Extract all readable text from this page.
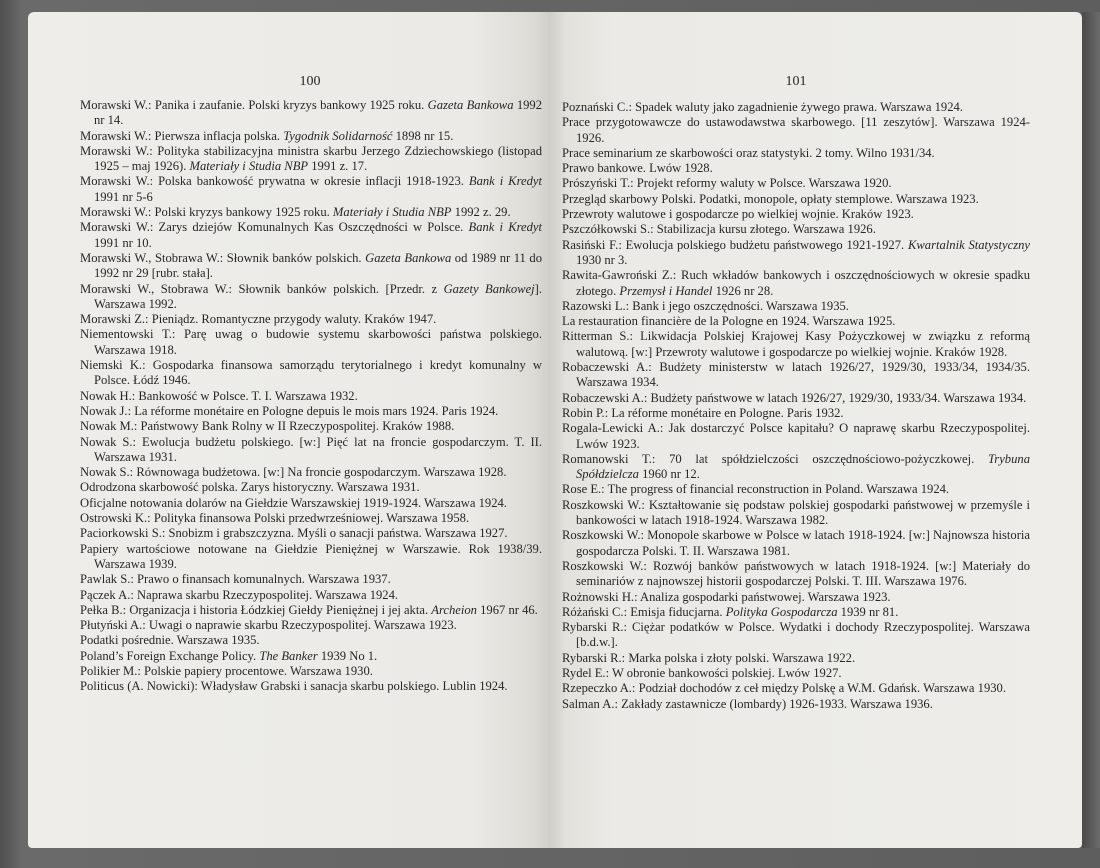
100
Morawski W.: Panika i zaufanie. Polski kryzys bankowy 1925 roku. Gazeta Bankowa 1992 nr 14.
Morawski W.: Pierwsza inflacja polska. Tygodnik Solidarność 1898 nr 15.
Morawski W.: Polityka stabilizacyjna ministra skarbu Jerzego Zdziechowskiego (listopad 1925 – maj 1926). Materiały i Studia NBP 1991 z. 17.
Morawski W.: Polska bankowość prywatna w okresie inflacji 1918-1923. Bank i Kredyt 1991 nr 5-6
Morawski W.: Polski kryzys bankowy 1925 roku. Materiały i Studia NBP 1992 z. 29.
Morawski W.: Zarys dziejów Komunalnych Kas Oszczędności w Polsce. Bank i Kredyt 1991 nr 10.
Morawski W., Stobrawa W.: Słownik banków polskich. Gazeta Bankowa od 1989 nr 11 do 1992 nr 29 [rubr. stała].
Morawski W., Stobrawa W.: Słownik banków polskich. [Przedr. z Gazety Bankowej]. Warszawa 1992.
Morawski Z.: Pieniądz. Romantyczne przygody waluty. Kraków 1947.
Niementowski T.: Parę uwag o budowie systemu skarbowości państwa polskiego. Warszawa 1918.
Niemski K.: Gospodarka finansowa samorządu terytorialnego i kredyt komunalny w Polsce. Łódź 1946.
Nowak H.: Bankowość w Polsce. T. I. Warszawa 1932.
Nowak J.: La réforme monétaire en Pologne depuis le mois mars 1924. Paris 1924.
Nowak M.: Państwowy Bank Rolny w II Rzeczypospolitej. Kraków 1988.
Nowak S.: Ewolucja budżetu polskiego. [w:] Pięć lat na froncie gospodarczym. T. II. Warszawa 1931.
Nowak S.: Równowaga budżetowa. [w:] Na froncie gospodarczym. Warszawa 1928.
Odrodzona skarbowość polska. Zarys historyczny. Warszawa 1931.
Oficjalne notowania dolarów na Giełdzie Warszawskiej 1919-1924. Warszawa 1924.
Ostrowski K.: Polityka finansowa Polski przedwrześniowej. Warszawa 1958.
Paciorkowski S.: Snobizm i grabszczyzna. Myśli o sanacji państwa. Warszawa 1927.
Papiery wartościowe notowane na Giełdzie Pieniężnej w Warszawie. Rok 1938/39. Warszawa 1939.
Pawlak S.: Prawo o finansach komunalnych. Warszawa 1937.
Pączek A.: Naprawa skarbu Rzeczypospolitej. Warszawa 1924.
Pełka B.: Organizacja i historia Łódzkiej Giełdy Pieniężnej i jej akta. Archeion 1967 nr 46.
Płutyński A.: Uwagi o naprawie skarbu Rzeczypospolitej. Warszawa 1923.
Podatki pośrednie. Warszawa 1935.
Poland’s Foreign Exchange Policy. The Banker 1939 No 1.
Polikier M.: Polskie papiery procentowe. Warszawa 1930.
Politicus (A. Nowicki): Władysław Grabski i sanacja skarbu polskiego. Lublin 1924.
101
Poznański C.: Spadek waluty jako zagadnienie żywego prawa. Warszawa 1924.
Prace przygotowawcze do ustawodawstwa skarbowego. [11 zeszytów]. Warszawa 1924-1926.
Prace seminarium ze skarbowości oraz statystyki. 2 tomy. Wilno 1931/34.
Prawo bankowe. Lwów 1928.
Prószyński T.: Projekt reformy waluty w Polsce. Warszawa 1920.
Przegląd skarbowy Polski. Podatki, monopole, opłaty stemplowe. Warszawa 1923.
Przewroty walutowe i gospodarcze po wielkiej wojnie. Kraków 1923.
Pszczółkowski S.: Stabilizacja kursu złotego. Warszawa 1926.
Rasiński F.: Ewolucja polskiego budżetu państwowego 1921-1927. Kwartalnik Statystyczny 1930 nr 3.
Rawita-Gawroński Z.: Ruch wkładów bankowych i oszczędnościowych w okresie spadku złotego. Przemysł i Handel 1926 nr 28.
Razowski L.: Bank i jego oszczędności. Warszawa 1935.
La restauration financière de la Pologne en 1924. Warszawa 1925.
Ritterman S.: Likwidacja Polskiej Krajowej Kasy Pożyczkowej w związku z reformą walutową. [w:] Przewroty walutowe i gospodarcze po wielkiej wojnie. Kraków 1928.
Robaczewski A.: Budżety ministerstw w latach 1926/27, 1929/30, 1933/34, 1934/35. Warszawa 1934.
Robaczewski A.: Budżety państwowe w latach 1926/27, 1929/30, 1933/34. Warszawa 1934.
Robin P.: La réforme monétaire en Pologne. Paris 1932.
Rogala-Lewicki A.: Jak dostarczyć Polsce kapitału? O naprawę skarbu Rzeczypospolitej. Lwów 1923.
Romanowski T.: 70 lat spółdzielczości oszczędnościowo-pożyczkowej. Trybuna Spółdzielcza 1960 nr 12.
Rose E.: The progress of financial reconstruction in Poland. Warszawa 1924.
Roszkowski W.: Kształtowanie się podstaw polskiej gospodarki państwowej w przemyśle i bankowości w latach 1918-1924. Warszawa 1982.
Roszkowski W.: Monopole skarbowe w Polsce w latach 1918-1924. [w:] Najnowsza historia gospodarcza Polski. T. II. Warszawa 1981.
Roszkowski W.: Rozwój banków państwowych w latach 1918-1924. [w:] Materiały do seminariów z najnowszej historii gospodarczej Polski. T. III. Warszawa 1976.
Rożnowski H.: Analiza gospodarki państwowej. Warszawa 1923.
Różański C.: Emisja fiducjarna. Polityka Gospodarcza 1939 nr 81.
Rybarski R.: Ciężar podatków w Polsce. Wydatki i dochody Rzeczypospolitej. Warszawa [b.d.w.].
Rybarski R.: Marka polska i złoty polski. Warszawa 1922.
Rydel E.: W obronie bankowości polskiej. Lwów 1927.
Rzepeczko A.: Podział dochodów z ceł między Polskę a W.M. Gdańsk. Warszawa 1930.
Salman A.: Zakłady zastawnicze (lombardy) 1926-1933. Warszawa 1936.
